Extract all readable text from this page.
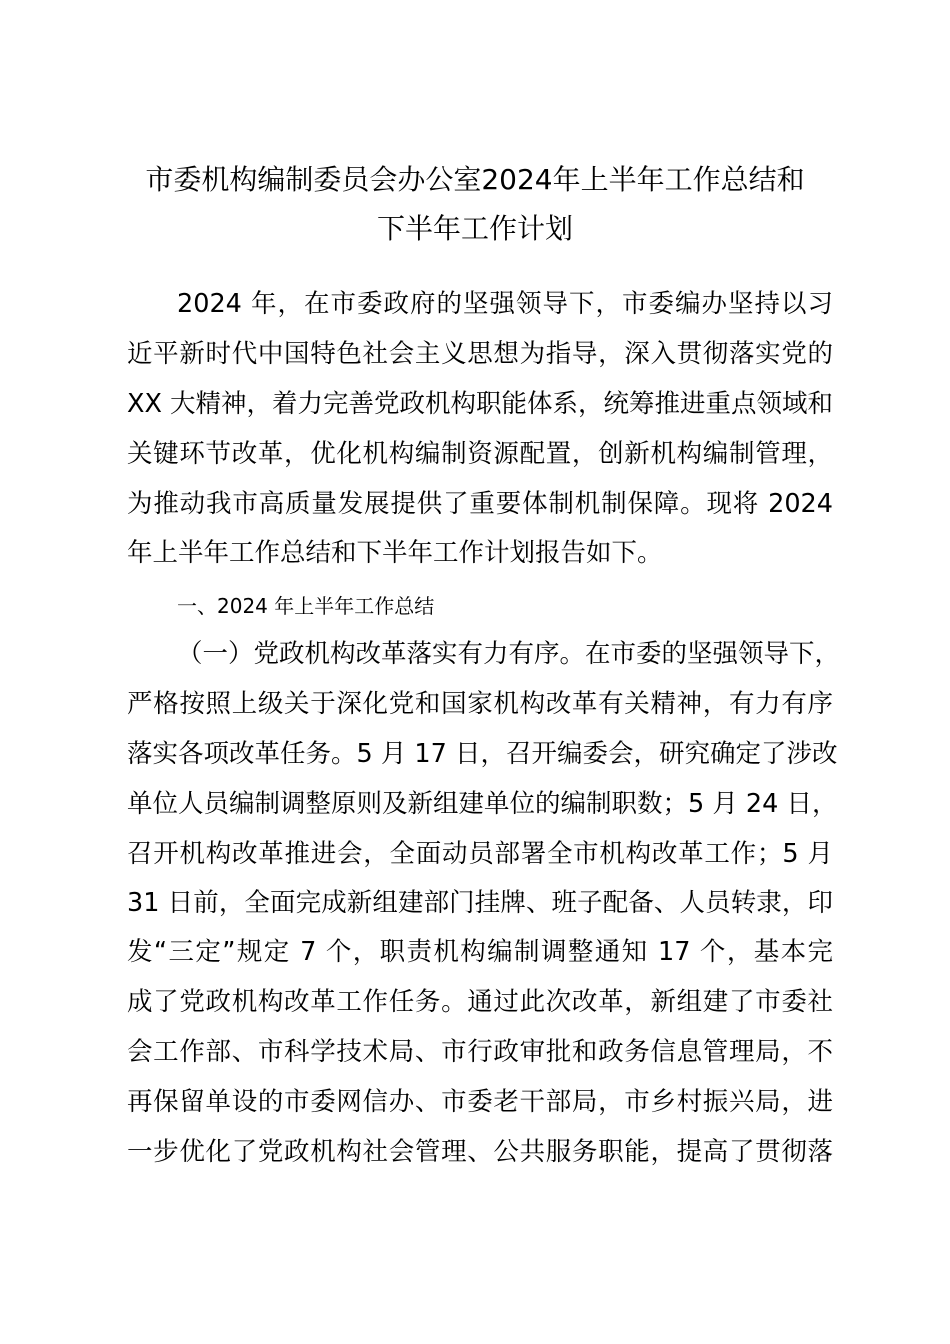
市委机构编制委员会办公室2024年上半年工作总结和
下半年工作计划
2024 年，在市委政府的坚强领导下，市委编办坚持以习
近平新时代中国特色社会主义思想为指导，深入贯彻落实党的
XX 大精神，着力完善党政机构职能体系，统筹推进重点领域和
关键环节改革，优化机构编制资源配置，创新机构编制管理，
为推动我市高质量发展提供了重要体制机制保障。现将 2024
年上半年工作总结和下半年工作计划报告如下。
一、2024 年上半年工作总结
（一）党政机构改革落实有力有序。在市委的坚强领导下，
严格按照上级关于深化党和国家机构改革有关精神，有力有序
落实各项改革任务。5 月 17 日，召开编委会，研究确定了涉改
单位人员编制调整原则及新组建单位的编制职数；5 月 24 日，
召开机构改革推进会，全面动员部署全市机构改革工作；5 月
31 日前，全面完成新组建部门挂牌、班子配备、人员转隶，印
发“三定”规定 7 个，职责机构编制调整通知 17 个，基本完
成了党政机构改革工作任务。通过此次改革，新组建了市委社
会工作部、市科学技术局、市行政审批和政务信息管理局，不
再保留单设的市委网信办、市委老干部局，市乡村振兴局，进
一步优化了党政机构社会管理、公共服务职能，提高了贯彻落
